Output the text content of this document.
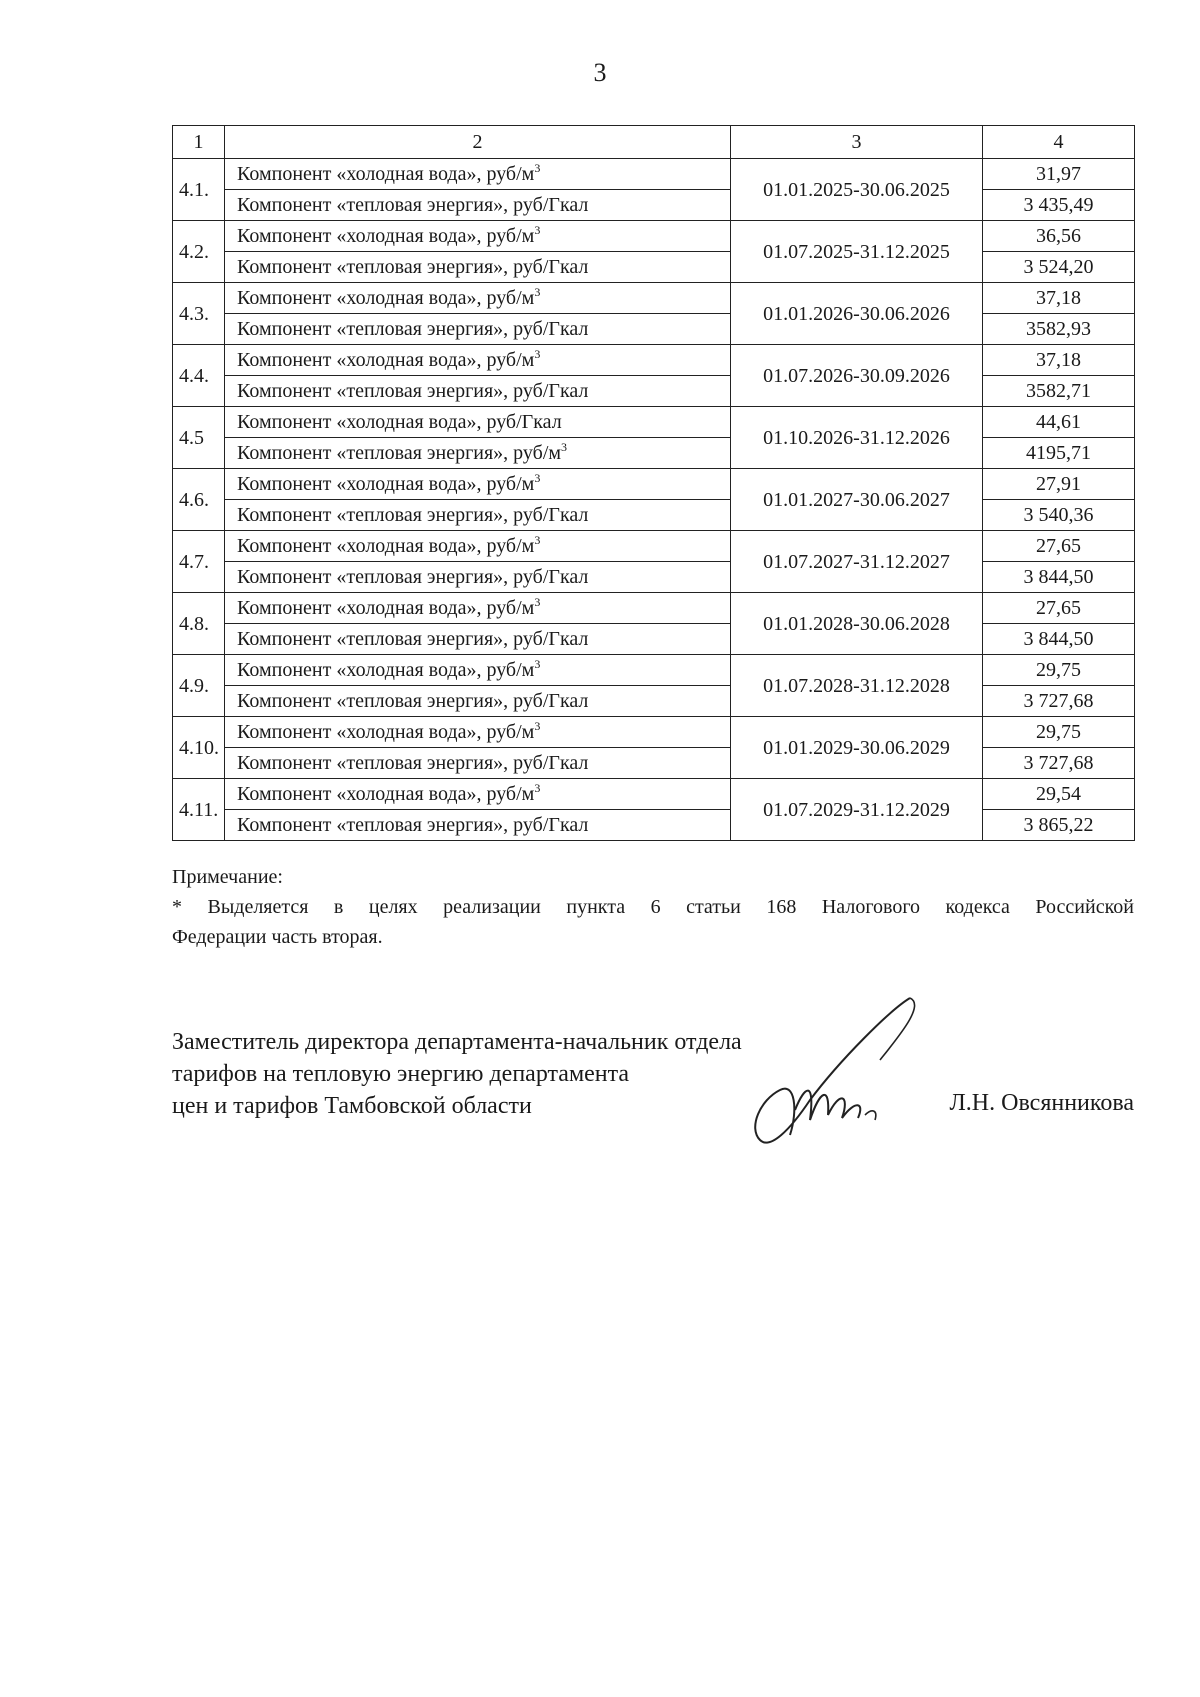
3
1	2	3	4
4.1.	Компонент «холодная вода», руб/$м^3$	01.01.2025-30.06.2025	31,97
	Компонент «тепловая энергия», руб/Гкал		3 435,49
4.2.	Компонент «холодная вода», руб/$м^3$	01.07.2025-31.12.2025	36,56
	Компонент «тепловая энергия», руб/Гкал		3 524,20
4.3.	Компонент «холодная вода», руб/$м^3$	01.01.2026-30.06.2026	37,18
	Компонент «тепловая энергия», руб/Гкал		3582,93
4.4.	Компонент «холодная вода», руб/$м^3$	01.07.2026-30.09.2026	37,18
	Компонент «тепловая энергия», руб/Гкал		3582,71
4.5	Компонент «холодная вода», руб/Гкал	01.10.2026-31.12.2026	44,61
	Компонент «тепловая энергия», руб/$м^3$		4195,71
4.6.	Компонент «холодная вода», руб/$м^3$	01.01.2027-30.06.2027	27,91
	Компонент «тепловая энергия», руб/Гкал		3 540,36
4.7.	Компонент «холодная вода», руб/$м^3$	01.07.2027-31.12.2027	27,65
	Компонент «тепловая энергия», руб/Гкал		3 844,50
4.8.	Компонент «холодная вода», руб/$м^3$	01.01.2028-30.06.2028	27,65
	Компонент «тепловая энергия», руб/Гкал		3 844,50
4.9.	Компонент «холодная вода», руб/$м^3$	01.07.2028-31.12.2028	29,75
	Компонент «тепловая энергия», руб/Гкал		3 727,68
4.10.	Компонент «холодная вода», руб/$м^3$	01.01.2029-30.06.2029	29,75
	Компонент «тепловая энергия», руб/Гкал		3 727,68
4.11.	Компонент «холодная вода», руб/$м^3$	01.07.2029-31.12.2029	29,54
	Компонент «тепловая энергия», руб/Гкал		3 865,22

Примечание:

* Выделяется в целях реализации пункта 6 статьи 168 Налогового кодекса Российской

Федерации часть вторая.

Заместитель директора департамента-начальник отдела
тарифов на тепловую энергию департамента
цен и тарифов Тамбовской области	Л.Н. Овсянникова
